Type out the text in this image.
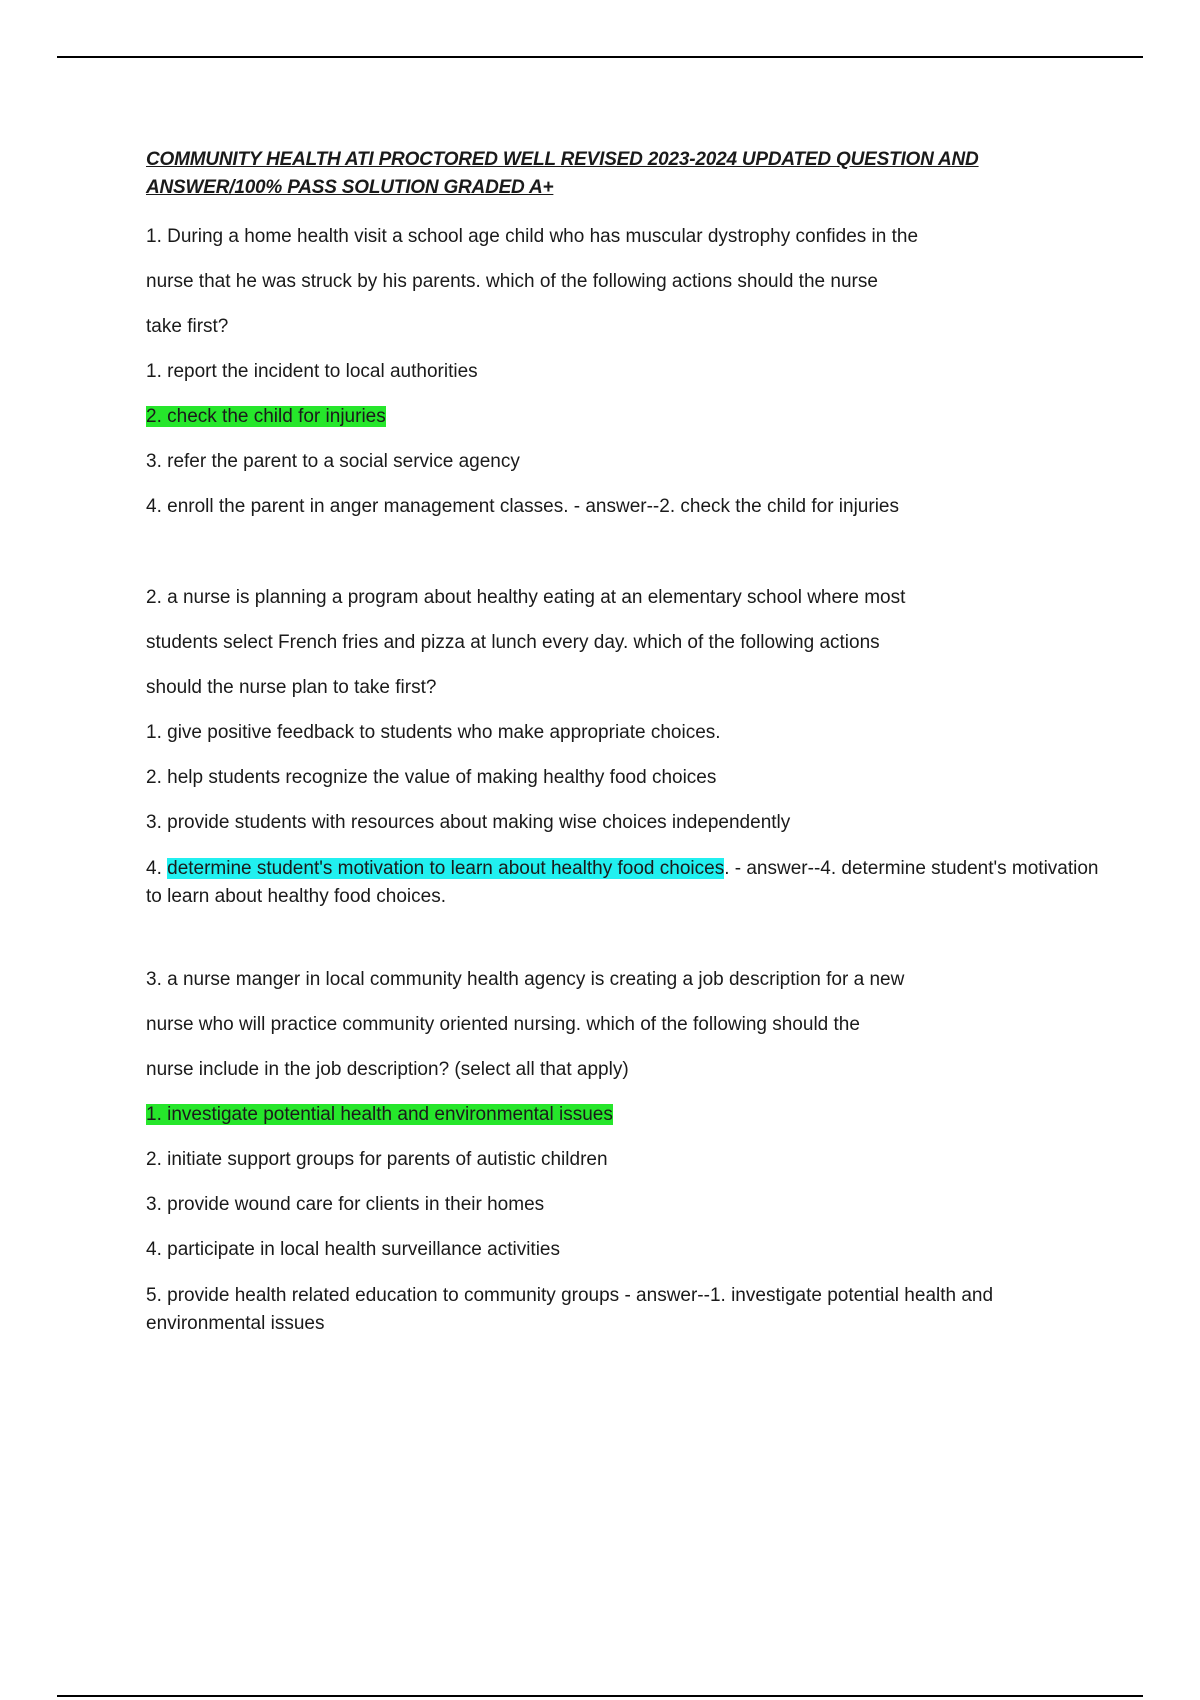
COMMUNITY HEALTH ATI PROCTORED WELL REVISED 2023-2024 UPDATED QUESTION AND ANSWER/100% PASS SOLUTION GRADED A+

1. During a home health visit a school age child who has muscular dystrophy confides in the

nurse that he was struck by his parents. which of the following actions should the nurse

take first?

1. report the incident to local authorities

2. check the child for injuries

3. refer the parent to a social service agency

4. enroll the parent in anger management classes. - answer--2. check the child for injuries

2. a nurse is planning a program about healthy eating at an elementary school where most

students select French fries and pizza at lunch every day. which of the following actions

should the nurse plan to take first?

1. give positive feedback to students who make appropriate choices.

2. help students recognize the value of making healthy food choices

3. provide students with resources about making wise choices independently

4. determine student's motivation to learn about healthy food choices. - answer--4. determine student's motivation to learn about healthy food choices.

3. a nurse manger in local community health agency is creating a job description for a new

nurse who will practice community oriented nursing. which of the following should the

nurse include in the job description? (select all that apply)

1. investigate potential health and environmental issues

2. initiate support groups for parents of autistic children

3. provide wound care for clients in their homes

4. participate in local health surveillance activities

5. provide health related education to community groups - answer--1. investigate potential health and environmental issues
